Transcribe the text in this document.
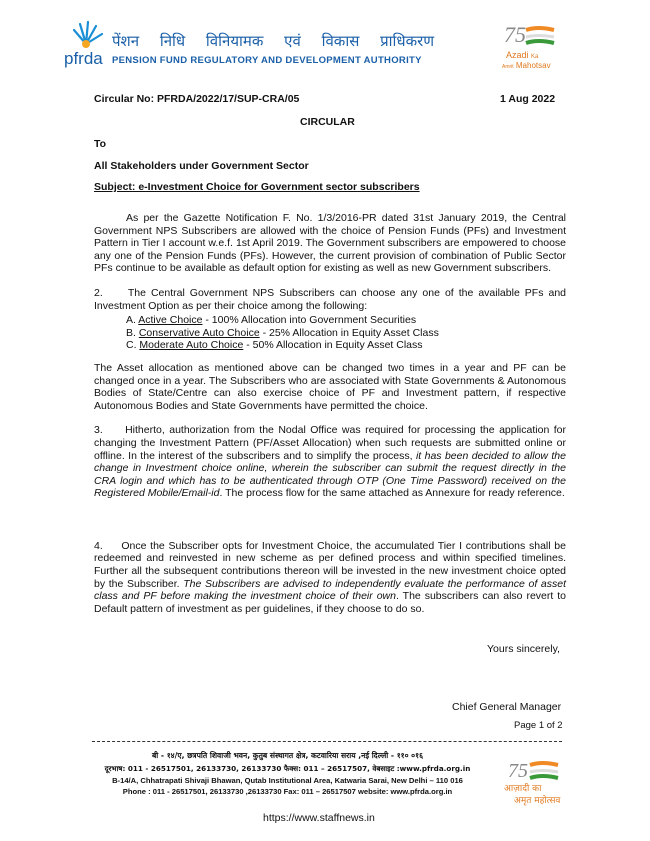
pfrda
पेंशन निधि विनियामक एवं विकास प्राधिकरण
PENSION FUND REGULATORY AND DEVELOPMENT AUTHORITY
75
Azadi Ka
Amrit Mahotsav
Circular No: PFRDA/2022/17/SUP-CRA/05	1 Aug 2022
CIRCULAR
To
All Stakeholders under Government Sector
Subject: e-Investment Choice for Government sector subscribers
As per the Gazette Notification F. No. 1/3/2016-PR dated 31st January 2019, the Central Government NPS Subscribers are allowed with the choice of Pension Funds (PFs) and Investment Pattern in Tier I account w.e.f. 1st April 2019. The Government subscribers are empowered to choose any one of the Pension Funds (PFs). However, the current provision of combination of Public Sector PFs continue to be available as default option for existing as well as new Government subscribers.
2.     The Central Government NPS Subscribers can choose any one of the available PFs and Investment Option as per their choice among the following:
A. Active Choice - 100% Allocation into Government Securities
B. Conservative Auto Choice - 25% Allocation in Equity Asset Class
C. Moderate Auto Choice - 50% Allocation in Equity Asset Class
The Asset allocation as mentioned above can be changed two times in a year and PF can be changed once in a year. The Subscribers who are associated with State Governments & Autonomous Bodies of State/Centre can also exercise choice of PF and Investment pattern, if respective Autonomous Bodies and State Governments have permitted the choice.
3.     Hitherto, authorization from the Nodal Office was required for processing the application for changing the Investment Pattern (PF/Asset Allocation) when such requests are submitted online or offline. In the interest of the subscribers and to simplify the process, it has been decided to allow the change in Investment choice online, wherein the subscriber can submit the request directly in the CRA login and which has to be authenticated through OTP (One Time Password) received on the Registered Mobile/Email-id. The process flow for the same attached as Annexure for ready reference.
4.     Once the Subscriber opts for Investment Choice, the accumulated Tier I contributions shall be redeemed and reinvested in new scheme as per defined process and within specified timelines. Further all the subsequent contributions thereon will be invested in the new investment choice opted by the Subscriber. The Subscribers are advised to independently evaluate the performance of asset class and PF before making the investment choice of their own. The subscribers can also revert to Default pattern of investment as per guidelines, if they choose to do so.
Yours sincerely,
Chief General Manager
Page 1 of 2
बी - १४/ए, छत्रपति शिवाजी भवन, कुतुब संस्थागत क्षेत्र, कटवारिया सराय ,नई दिल्ली - ११० ०१६
दूरभाष: 011 - 26517501, 26133730, 26133730 फैक्स: 011 – 26517507, वेबसाइट :www.pfrda.org.in
B-14/A, Chhatrapati Shivaji Bhawan, Qutab Institutional Area, Katwaria Sarai, New Delhi – 110 016
Phone : 011 - 26517501, 26133730 ,26133730 Fax: 011 – 26517507 website: www.pfrda.org.in
75
आज़ादी का
अमृत महोत्सव
https://www.staffnews.in
